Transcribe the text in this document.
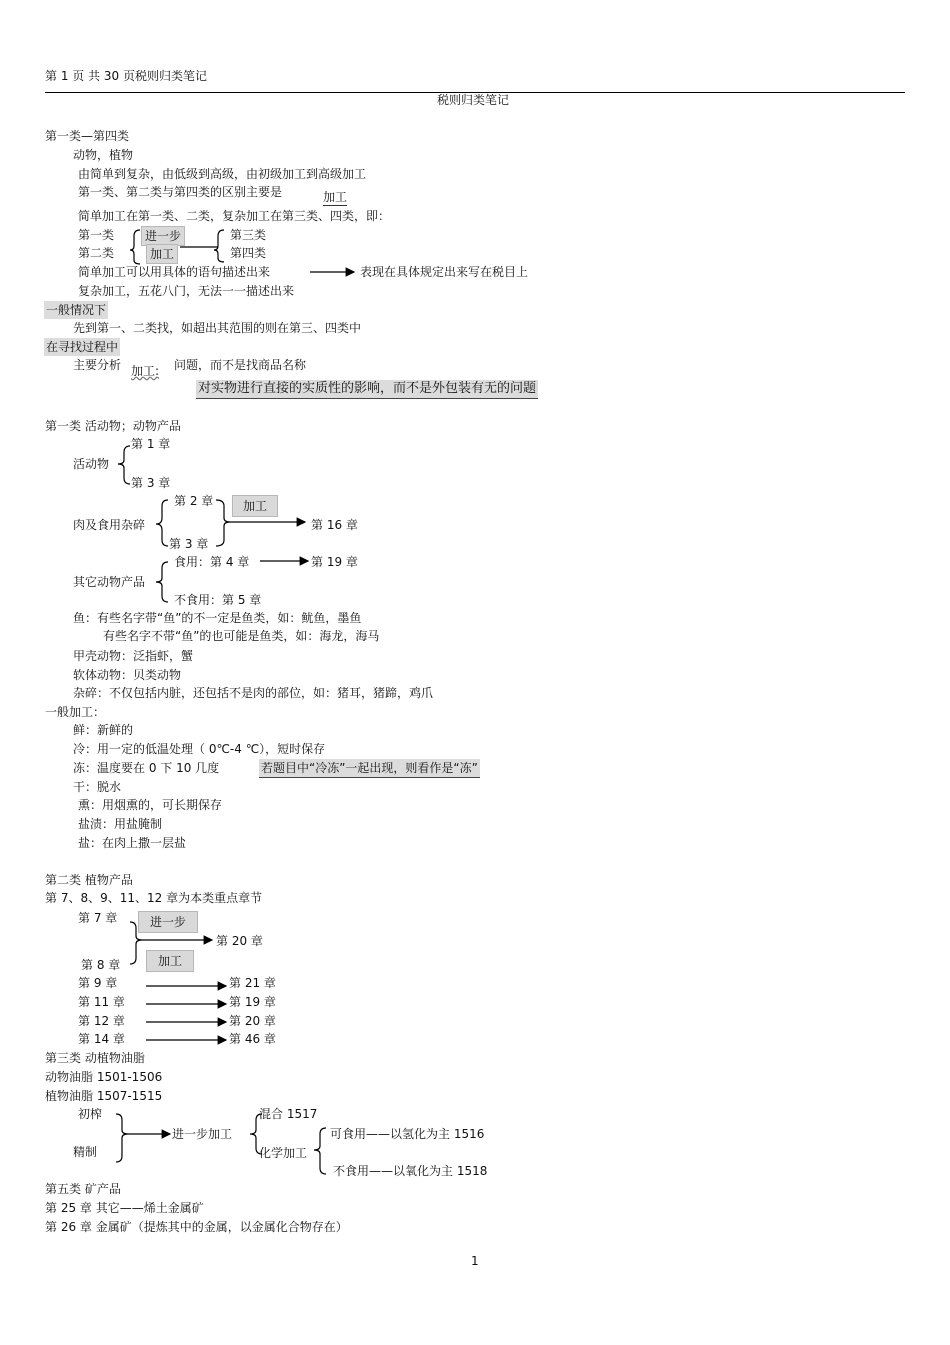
第 1 页 共 30 页税则归类笔记
税则归类笔记
第一类—第四类
动物，植物
由简单到复杂，由低级到高级，由初级加工到高级加工
第一类、第二类与第四类的区别主要是	加工
简单加工在第一类、二类，复杂加工在第三类、四类，即：
第一类
第二类
进一步
加工
第三类
第四类
简单加工可以用具体的语句描述出来	表现在具体规定出来写在税目上
复杂加工，五花八门，无法一一描述出来
一般情况下
先到第一、二类找，如超出其范围的则在第三、四类中
在寻找过程中
主要分析 加工: 问题，而不是找商品名称
对实物进行直接的实质性的影响，而不是外包装有无的问题
第一类 活动物；动物产品
活动物
第 1 章
第 3 章
肉及食用杂碎
第 2 章
第 3 章
加工
第 16 章
其它动物产品
食用：第 4 章	第 19 章
不食用：第 5 章
鱼：有些名字带“鱼”的不一定是鱼类，如：鱿鱼，墨鱼
有些名字不带“鱼”的也可能是鱼类，如：海龙，海马
甲壳动物：泛指虾，蟹
软体动物：贝类动物
杂碎：不仅包括内脏，还包括不是肉的部位，如：猪耳，猪蹄，鸡爪
一般加工：
鲜：新鲜的
冷：用一定的低温处理（ 0℃-4 ℃），短时保存
冻：温度要在 0 下 10 几度	若题目中“冷冻”一起出现，则看作是“冻”
干：脱水
熏：用烟熏的，可长期保存
盐渍：用盐腌制
盐：在肉上撒一层盐
第二类 植物产品
第 7、8、9、11、12 章为本类重点章节
第 7 章
第 8 章
进一步
加工
第 20 章
第 9 章	第 21 章
第 11 章	第 19 章
第 12 章	第 20 章
第 14 章	第 46 章
第三类 动植物油脂
动物油脂 1501-1506
植物油脂 1507-1515
初榨
精制
进一步加工
混合 1517
化学加工
可食用——以氢化为主 1516
不食用——以氧化为主 1518
第五类 矿产品
第 25 章 其它——烯土金属矿
第 26 章 金属矿（提炼其中的金属，以金属化合物存在）
1
